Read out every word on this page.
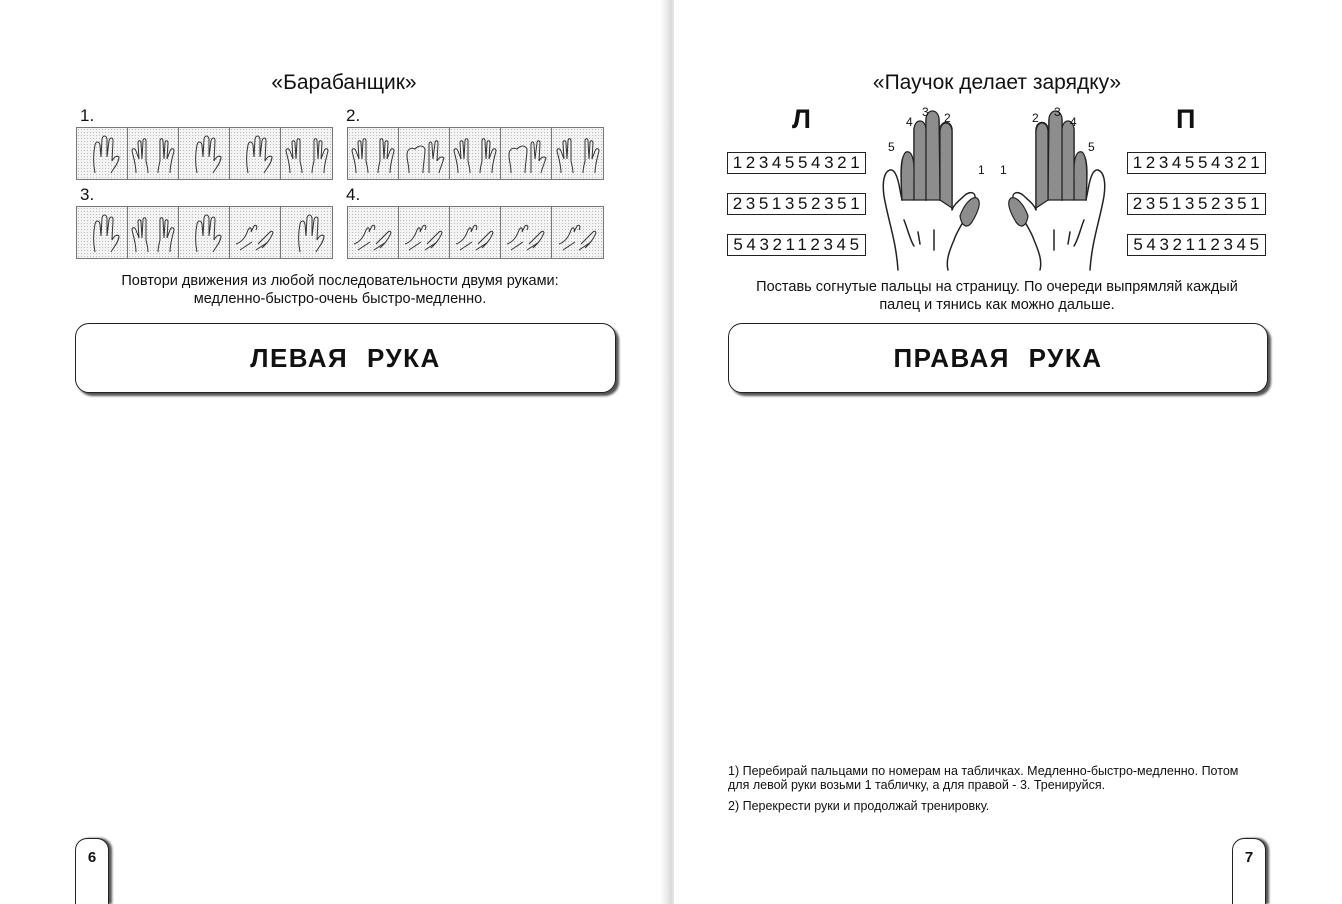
«Барабанщик»
1.	2.
3.	4.
Повтори движения из любой последовательности двумя руками:
медленно-быстро-очень быстро-медленно.
ЛЕВАЯ РУКА
6
«Паучок делает зарядку»
Л	П
1234554321
2351352351
5432112345
1234554321
2351352351
5432112345
5
4
3 2
1 1
2 3
4
5
Поставь согнутые пальцы на страницу. По очереди выпрямляй каждый
палец и тянись как можно дальше.
ПРАВАЯ РУКА
1) Перебирай пальцами по номерам на табличках. Медленно-быстро-медленно. Потом
для левой руки возьми 1 табличку, а для правой - 3. Тренируйся.
2) Перекрести руки и продолжай тренировку.
7
